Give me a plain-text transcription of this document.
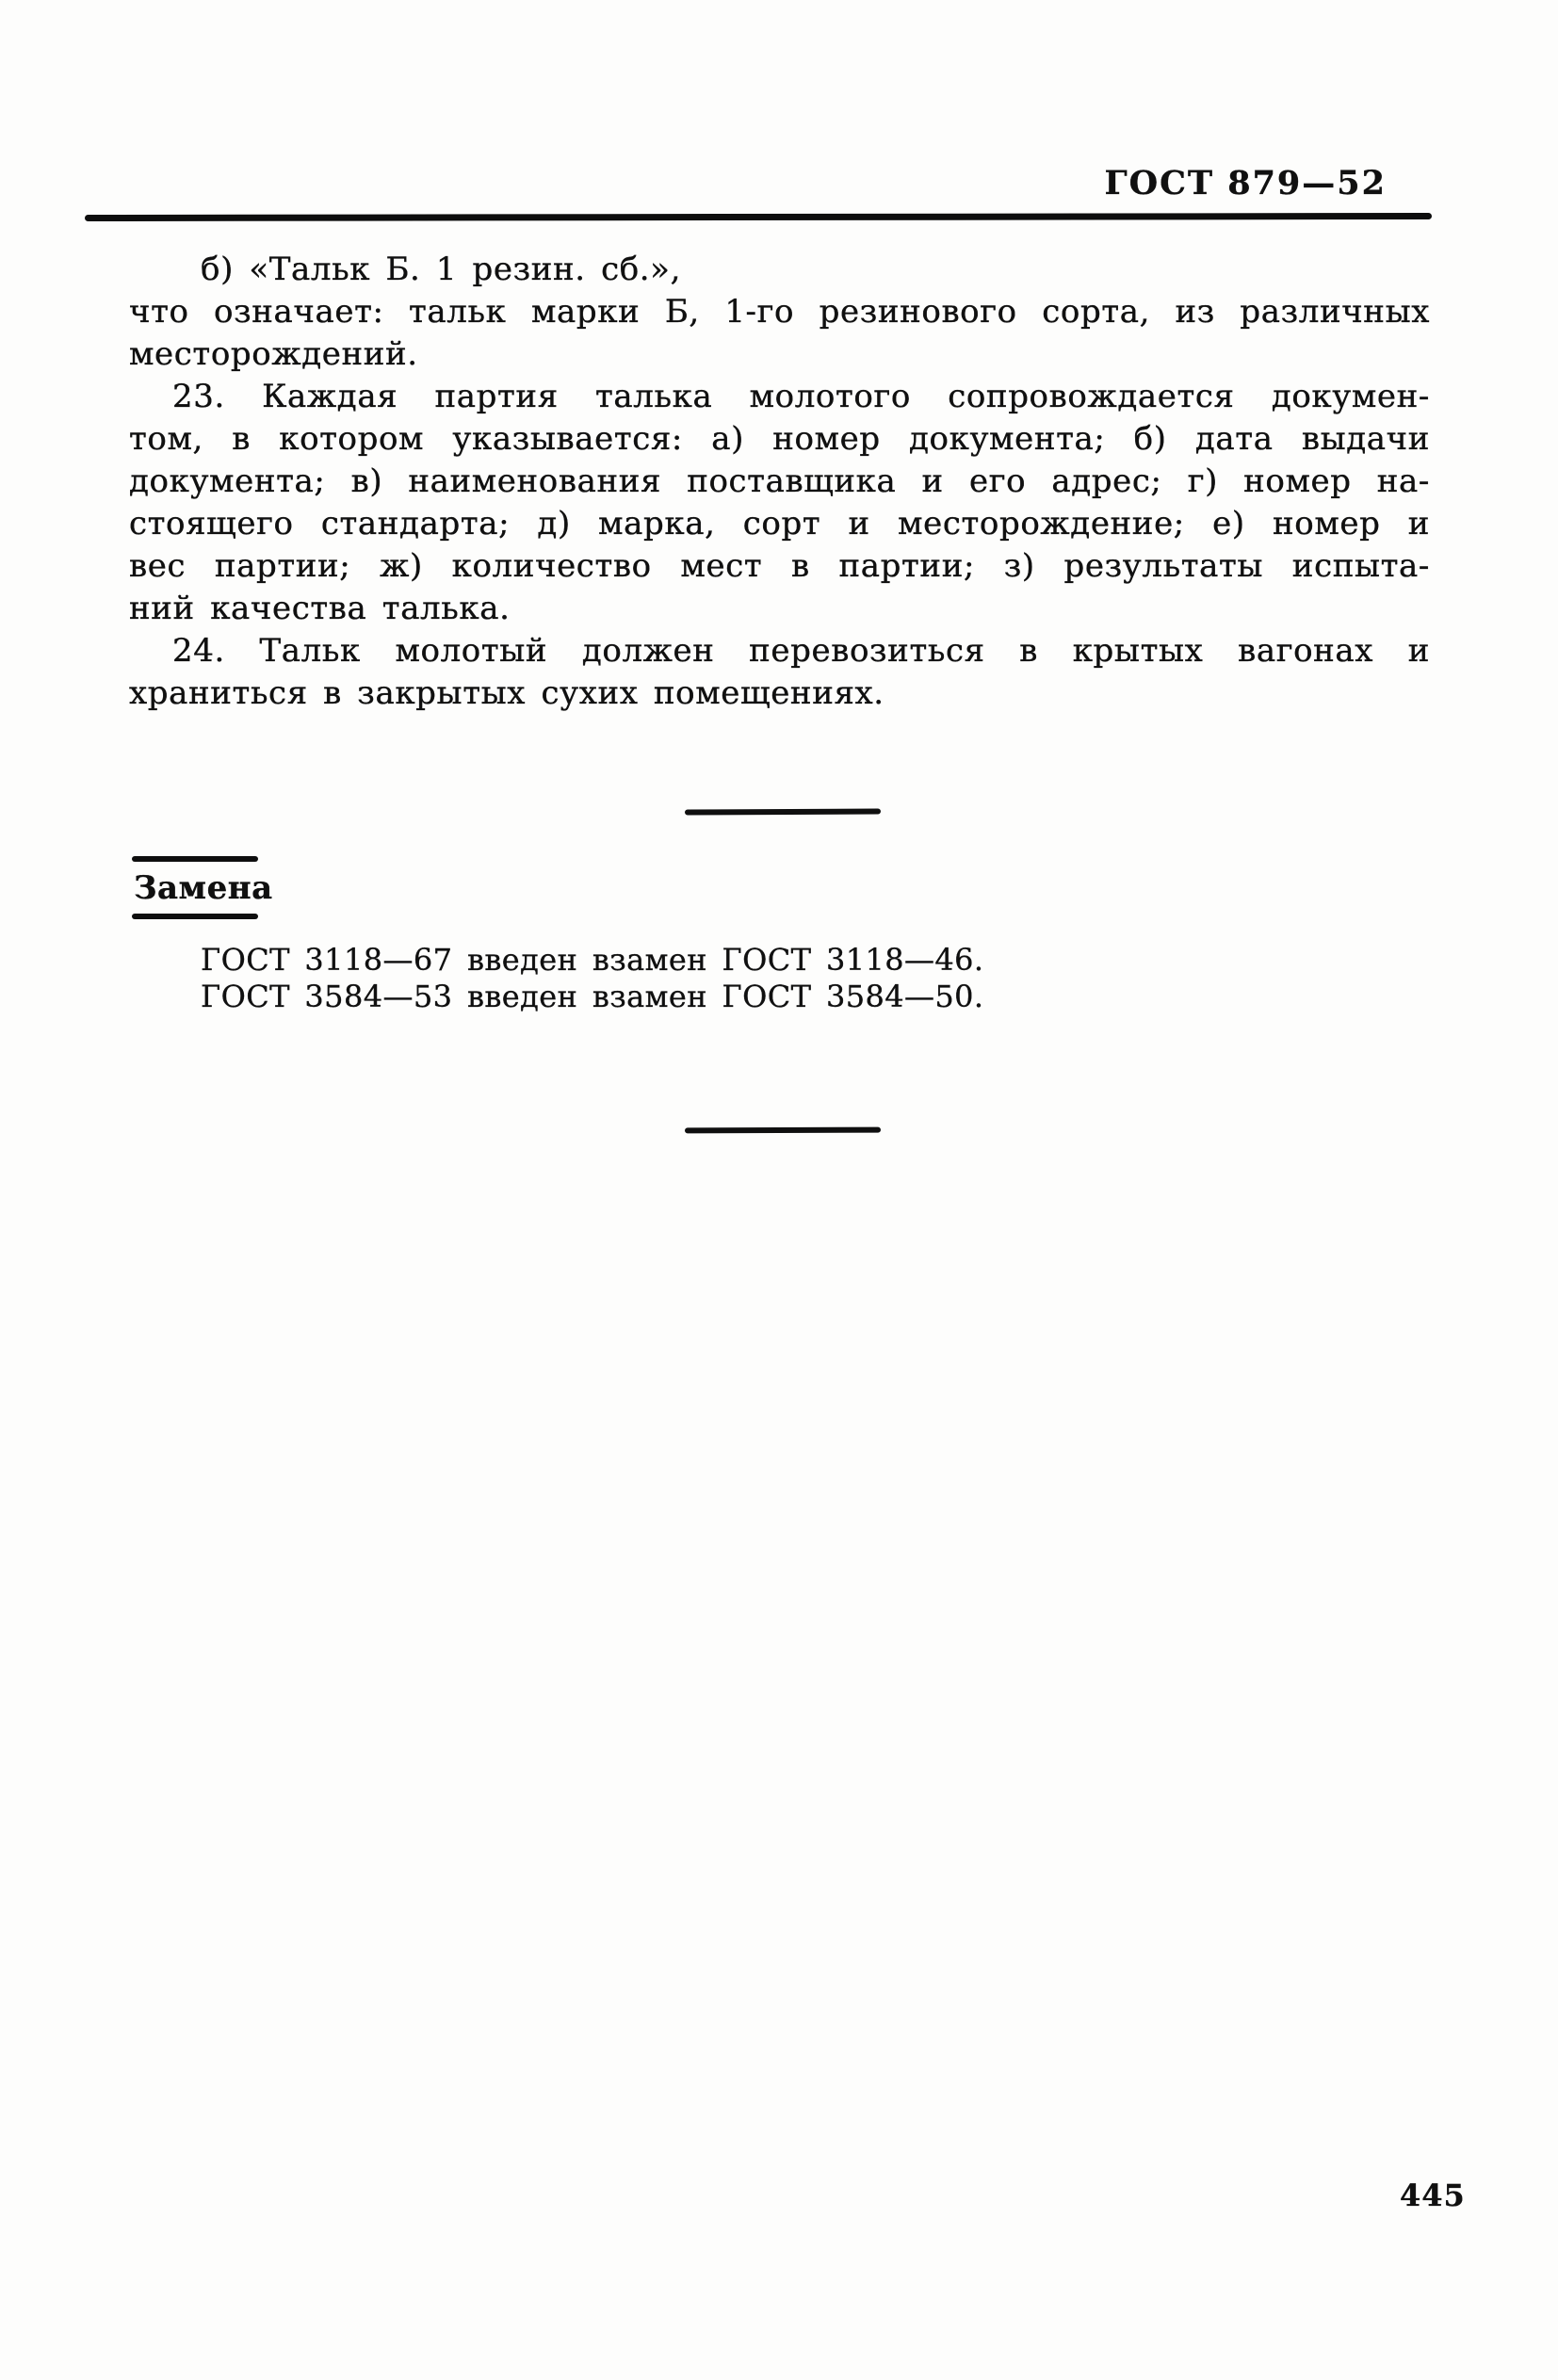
ГОСТ 879—52
б) «Тальк Б. 1 резин. сб.»,
что означает: тальк марки Б, 1-го резинового сорта, из различных
месторождений.
23. Каждая партия талька молотого сопровождается докумен-
том, в котором указывается: а) номер документа; б) дата выдачи
документа; в) наименования поставщика и его адрес; г) номер на-
стоящего стандарта; д) марка, сорт и месторождение; е) номер и
вес партии; ж) количество мест в партии; з) результаты испыта-
ний качества талька.
24. Тальк молотый должен перевозиться в крытых вагонах и
храниться в закрытых сухих помещениях.
Замена
ГОСТ 3118—67 введен взамен ГОСТ 3118—46.
ГОСТ 3584—53 введен взамен ГОСТ 3584—50.
445
